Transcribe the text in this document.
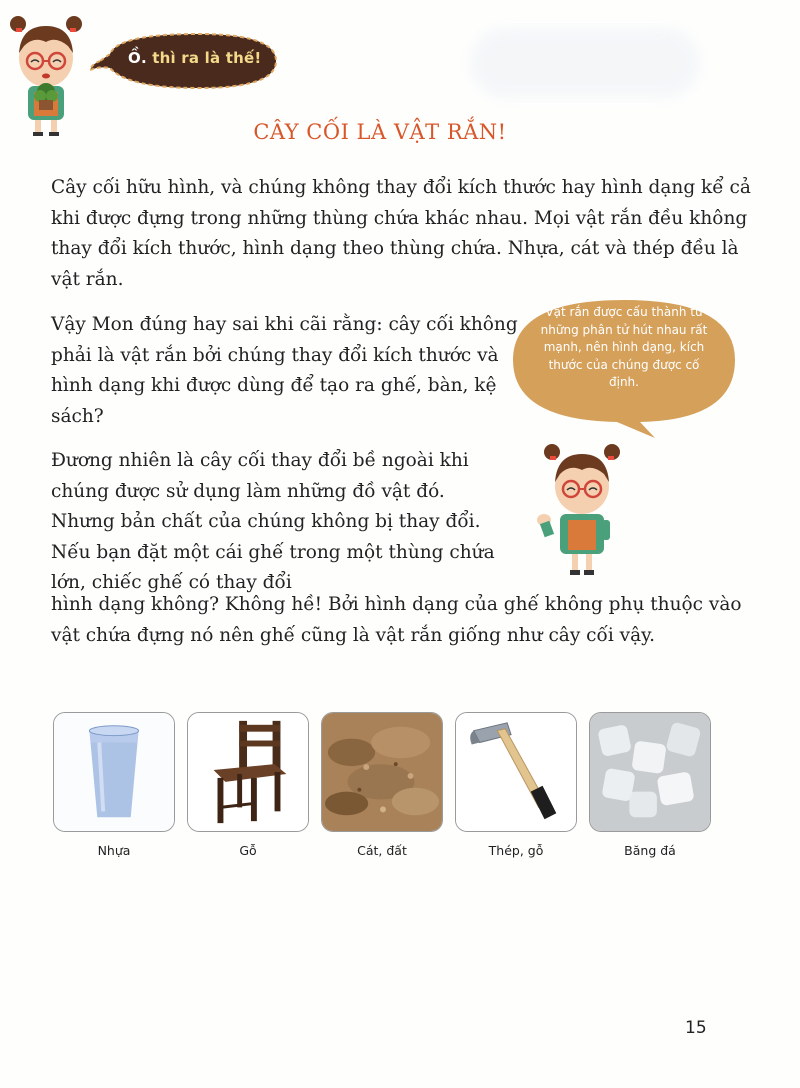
Ồ. thì ra là thế!
CÂY CỐI LÀ VẬT RẮN!

Cây cối hữu hình, và chúng không thay đổi kích thước hay hình dạng kể cả khi được đựng trong những thùng chứa khác nhau. Mọi vật rắn đều không thay đổi kích thước, hình dạng theo thùng chứa. Nhựa, cát và thép đều là vật rắn.

Vậy Mon đúng hay sai khi cãi rằng: cây cối không phải là vật rắn bởi chúng thay đổi kích thước và hình dạng khi được dùng để tạo ra ghế, bàn, kệ sách?

Đương nhiên là cây cối thay đổi bề ngoài khi chúng được sử dụng làm những đồ vật đó. Nhưng bản chất của chúng không bị thay đổi. Nếu bạn đặt một cái ghế trong một thùng chứa lớn, chiếc ghế có thay đổi

hình dạng không? Không hề! Bởi hình dạng của ghế không phụ thuộc vào vật chứa đựng nó nên ghế cũng là vật rắn giống như cây cối vậy.

Vật rắn được cấu thành từ những phân tử hút nhau rất mạnh, nên hình dạng, kích thước của chúng được cố định.
Nhựa	Gỗ	Cát, đất	Thép, gỗ	Băng đá
15
